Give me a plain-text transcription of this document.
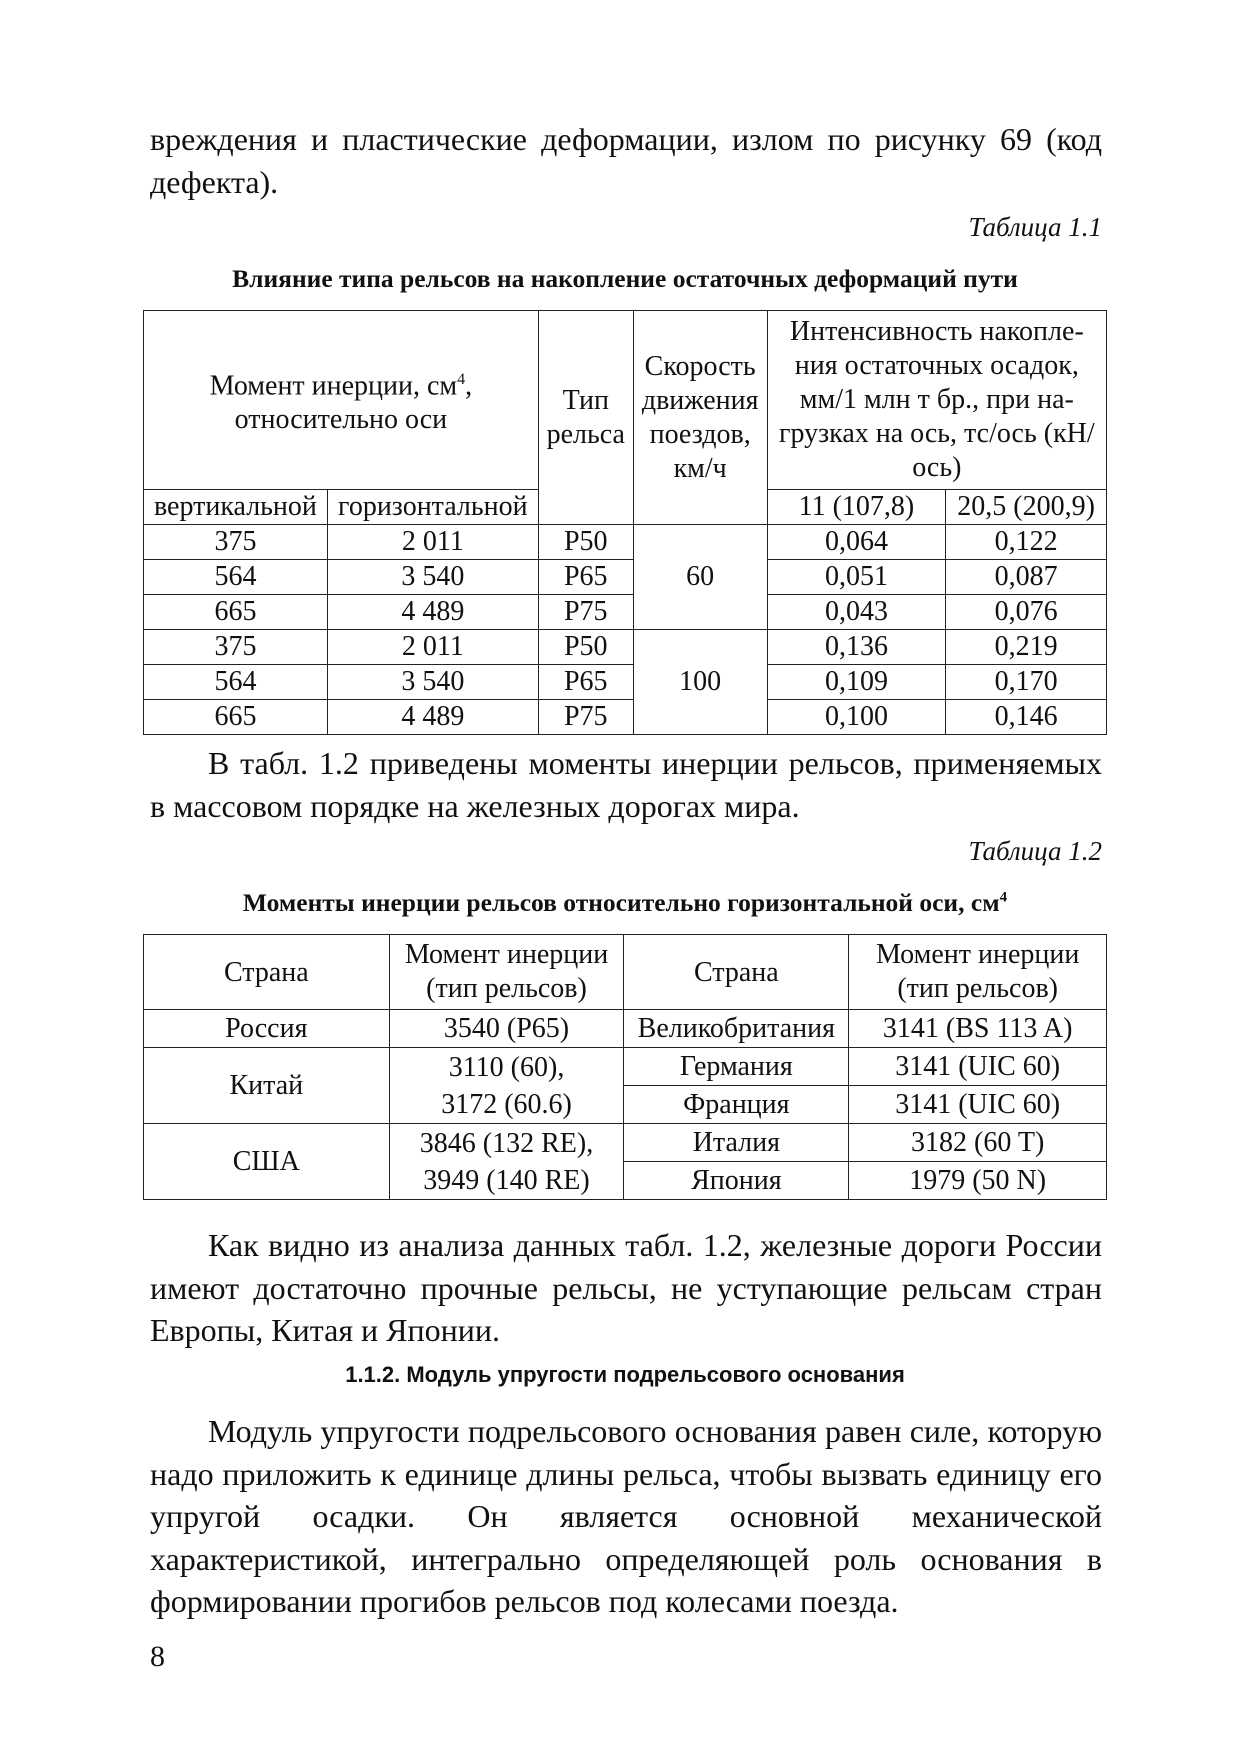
вреждения и пластические деформации, излом по рисунку 69 (код дефекта).

Таблица 1.1
Влияние типа рельсов на накопление остаточных деформаций пути
Момент инерции, $см^4$, относительно оси		Тип рельса	Скорость движения поездов, км/ч	Интенсивность накопле-ния остаточных осадок, мм/1 млн т бр., при на-грузках на ось, тс/ось (кН/ось)	
вертикальной	горизонтальной			11 (107,8)	20,5 (200,9)
375	2 011	Р50	60	0,064	0,122
564	3 540	Р65		0,051	0,087
665	4 489	Р75		0,043	0,076
375	2 011	Р50	100	0,136	0,219
564	3 540	Р65		0,109	0,170
665	4 489	Р75		0,100	0,146

В табл. 1.2 приведены моменты инерции рельсов, применяемых в массовом порядке на железных дорогах мира.

Таблица 1.2
Моменты инерции рельсов относительно горизонтальной оси, $см^4$
Страна	Момент инерции
(тип рельсов)	Страна	Момент инерции
(тип рельсов)
Россия	3540 (Р65)	Великобритания	3141 (BS 113 A)
Китай	3110 (60),
3172 (60.6)	Германия	3141 (UIC 60)
		Франция	3141 (UIC 60)
США	3846 (132 RE),
3949 (140 RE)	Италия	3182 (60 T)
		Япония	1979 (50 N)

Как видно из анализа данных табл. 1.2, железные дороги России имеют достаточно прочные рельсы, не уступающие рельсам стран Европы, Китая и Японии.

1.1.2. Модуль упругости подрельсового основания

Модуль упругости подрельсового основания равен силе, которую надо приложить к единице длины рельса, чтобы вызвать единицу его упругой осадки. Он является основной механической характеристикой, интегрально определяющей роль основания в формировании прогибов рельсов под колесами поезда.

8
